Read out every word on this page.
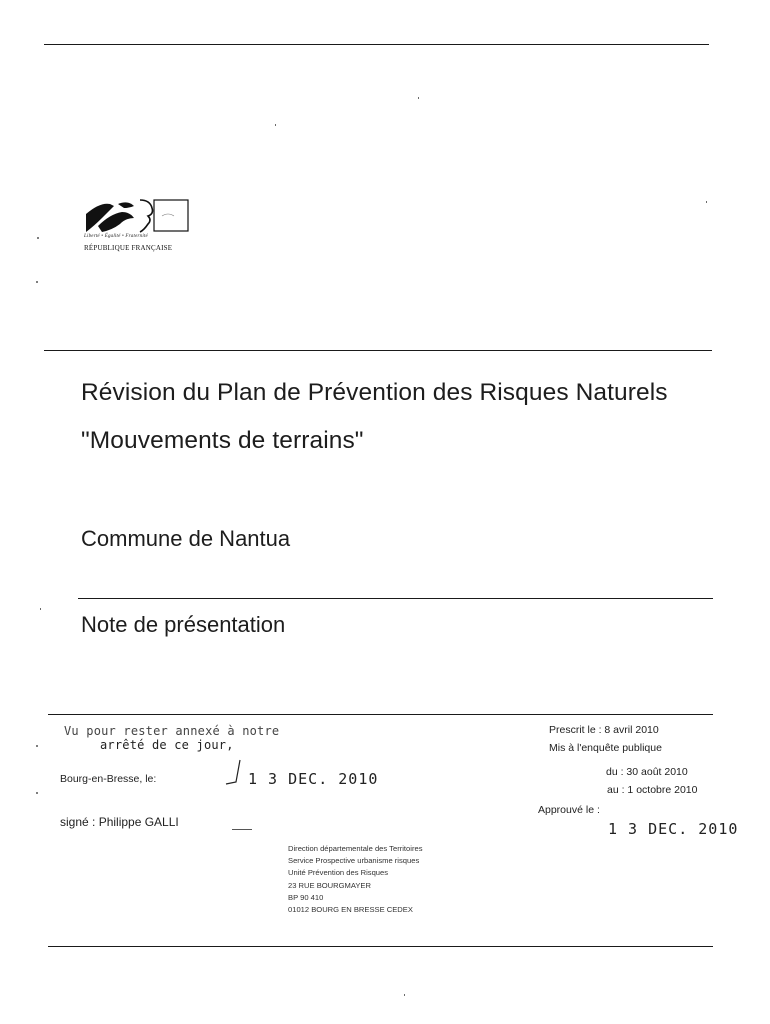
Liberté • Égalité • Fraternité
RÉPUBLIQUE FRANÇAISE
Révision du Plan de Prévention des Risques Naturels
"Mouvements de terrains"
Commune de Nantua
Note de présentation
Vu pour rester annexé à notre
arrêté de ce jour,
Bourg-en-Bresse, le:	1 3 DEC. 2010
signé : Philippe GALLI
Prescrit le : 8 avril 2010
Mis à l'enquête publique
du : 30 août 2010
au : 1 octobre 2010
Approuvé le :
1 3 DEC. 2010
Direction départementale des Territoires
Service Prospective urbanisme risques
Unité Prévention des Risques
23 RUE BOURGMAYER
BP 90 410
01012 BOURG EN BRESSE CEDEX
